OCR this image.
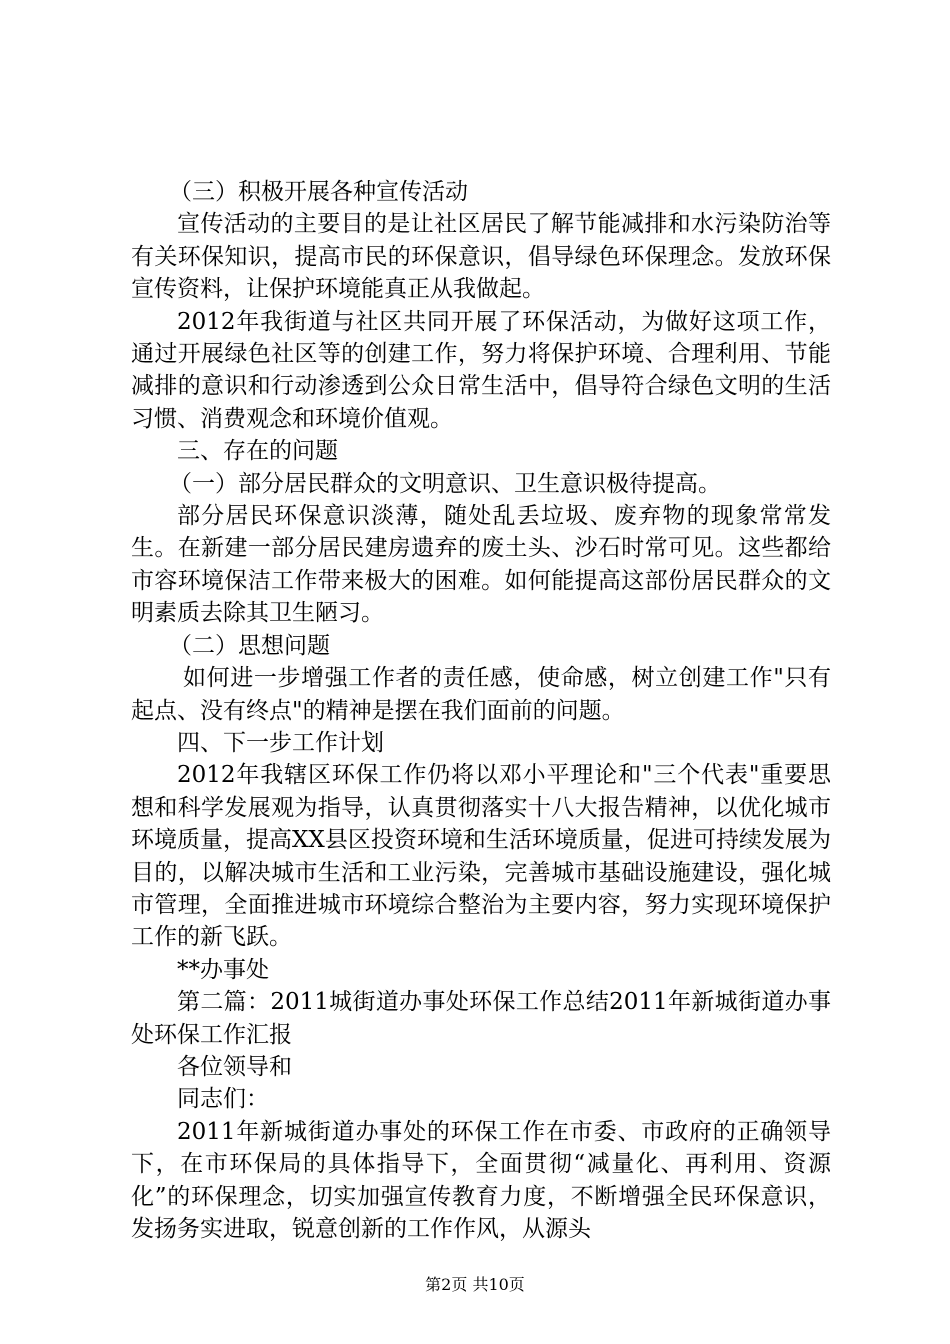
（三）积极开展各种宣传活动

宣传活动的主要目的是让社区居民了解节能减排和水污染防治等有关环保知识，提高市民的环保意识，倡导绿色环保理念。发放环保宣传资料，让保护环境能真正从我做起。

2012年我街道与社区共同开展了环保活动，为做好这项工作，通过开展绿色社区等的创建工作，努力将保护环境、合理利用、节能减排的意识和行动渗透到公众日常生活中，倡导符合绿色文明的生活习惯、消费观念和环境价值观。

三、存在的问题

（一）部分居民群众的文明意识、卫生意识极待提高。

部分居民环保意识淡薄，随处乱丢垃圾、废弃物的现象常常发生。在新建一部分居民建房遗弃的废土头、沙石时常可见。这些都给市容环境保洁工作带来极大的困难。如何能提高这部份居民群众的文明素质去除其卫生陋习。

（二）思想问题

如何进一步增强工作者的责任感，使命感，树立创建工作"只有起点、没有终点"的精神是摆在我们面前的问题。

四、下一步工作计划

2012年我辖区环保工作仍将以邓小平理论和"三个代表"重要思想和科学发展观为指导，认真贯彻落实十八大报告精神，以优化城市环境质量，提高XX县区投资环境和生活环境质量，促进可持续发展为目的，以解决城市生活和工业污染，完善城市基础设施建设，强化城市管理，全面推进城市环境综合整治为主要内容，努力实现环境保护工作的新飞跃。

**办事处

第二篇：2011城街道办事处环保工作总结2011年新城街道办事处环保工作汇报

各位领导和

同志们：

2011年新城街道办事处的环保工作在市委、市政府的正确领导下，在市环保局的具体指导下，全面贯彻“减量化、再利用、资源化”的环保理念，切实加强宣传教育力度，不断增强全民环保意识，发扬务实进取，锐意创新的工作作风，从源头

第2页 共10页
